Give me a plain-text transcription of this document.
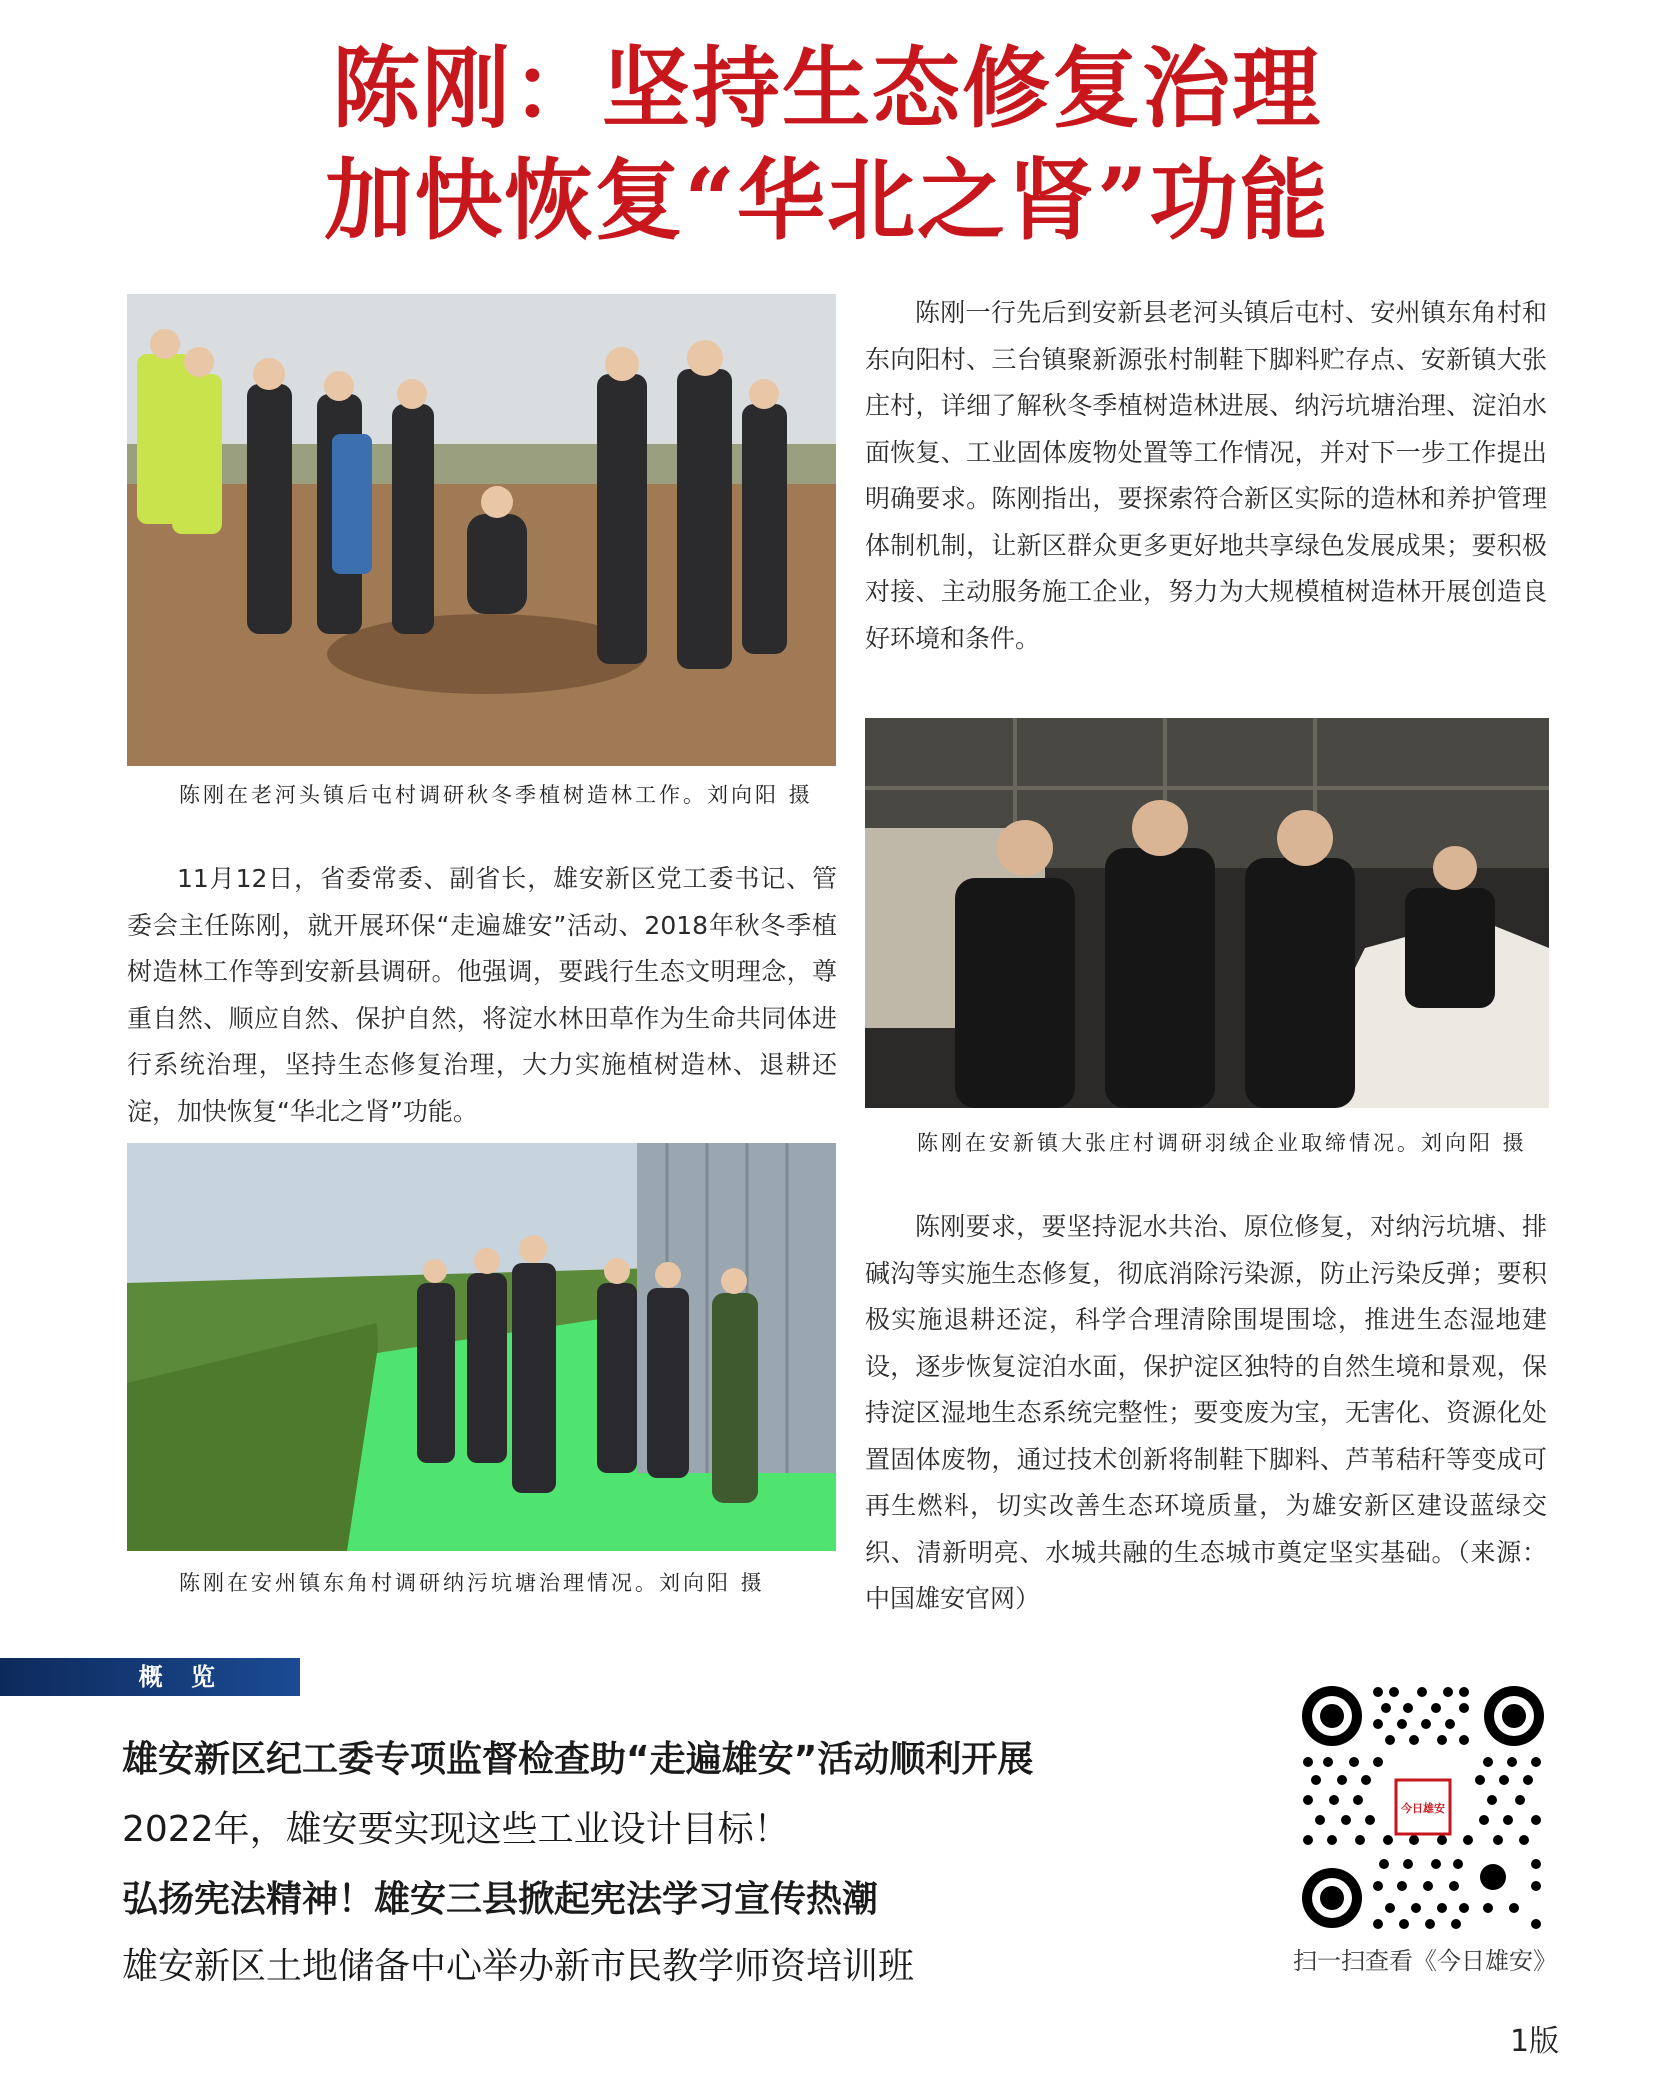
陈刚：坚持生态修复治理
加快恢复“华北之肾”功能
陈刚在老河头镇后屯村调研秋冬季植树造林工作。刘向阳 摄

11月12日，省委常委、副省长，雄安新区党工委书记、管委会主任陈刚，就开展环保“走遍雄安”活动、2018年秋冬季植树造林工作等到安新县调研。他强调，要践行生态文明理念，尊重自然、顺应自然、保护自然，将淀水林田草作为生命共同体进行系统治理，坚持生态修复治理，大力实施植树造林、退耕还淀，加快恢复“华北之肾”功能。

陈刚在安州镇东角村调研纳污坑塘治理情况。刘向阳 摄

陈刚一行先后到安新县老河头镇后屯村、安州镇东角村和东向阳村、三台镇聚新源张村制鞋下脚料贮存点、安新镇大张庄村，详细了解秋冬季植树造林进展、纳污坑塘治理、淀泊水面恢复、工业固体废物处置等工作情况，并对下一步工作提出明确要求。陈刚指出，要探索符合新区实际的造林和养护管理体制机制，让新区群众更多更好地共享绿色发展成果；要积极对接、主动服务施工企业，努力为大规模植树造林开展创造良好环境和条件。

陈刚在安新镇大张庄村调研羽绒企业取缔情况。刘向阳 摄

陈刚要求，要坚持泥水共治、原位修复，对纳污坑塘、排碱沟等实施生态修复，彻底消除污染源，防止污染反弹；要积极实施退耕还淀，科学合理清除围堤围埝，推进生态湿地建设，逐步恢复淀泊水面，保护淀区独特的自然生境和景观，保持淀区湿地生态系统完整性；要变废为宝，无害化、资源化处置固体废物，通过技术创新将制鞋下脚料、芦苇秸秆等变成可再生燃料，切实改善生态环境质量，为雄安新区建设蓝绿交织、清新明亮、水城共融的生态城市奠定坚实基础。（来源：中国雄安官网）

概 览
雄安新区纪工委专项监督检查助“走遍雄安”活动顺利开展
2022年，雄安要实现这些工业设计目标！
弘扬宪法精神！雄安三县掀起宪法学习宣传热潮
雄安新区土地储备中心举办新市民教学师资培训班
今日雄安
扫一扫查看《今日雄安》
1版
